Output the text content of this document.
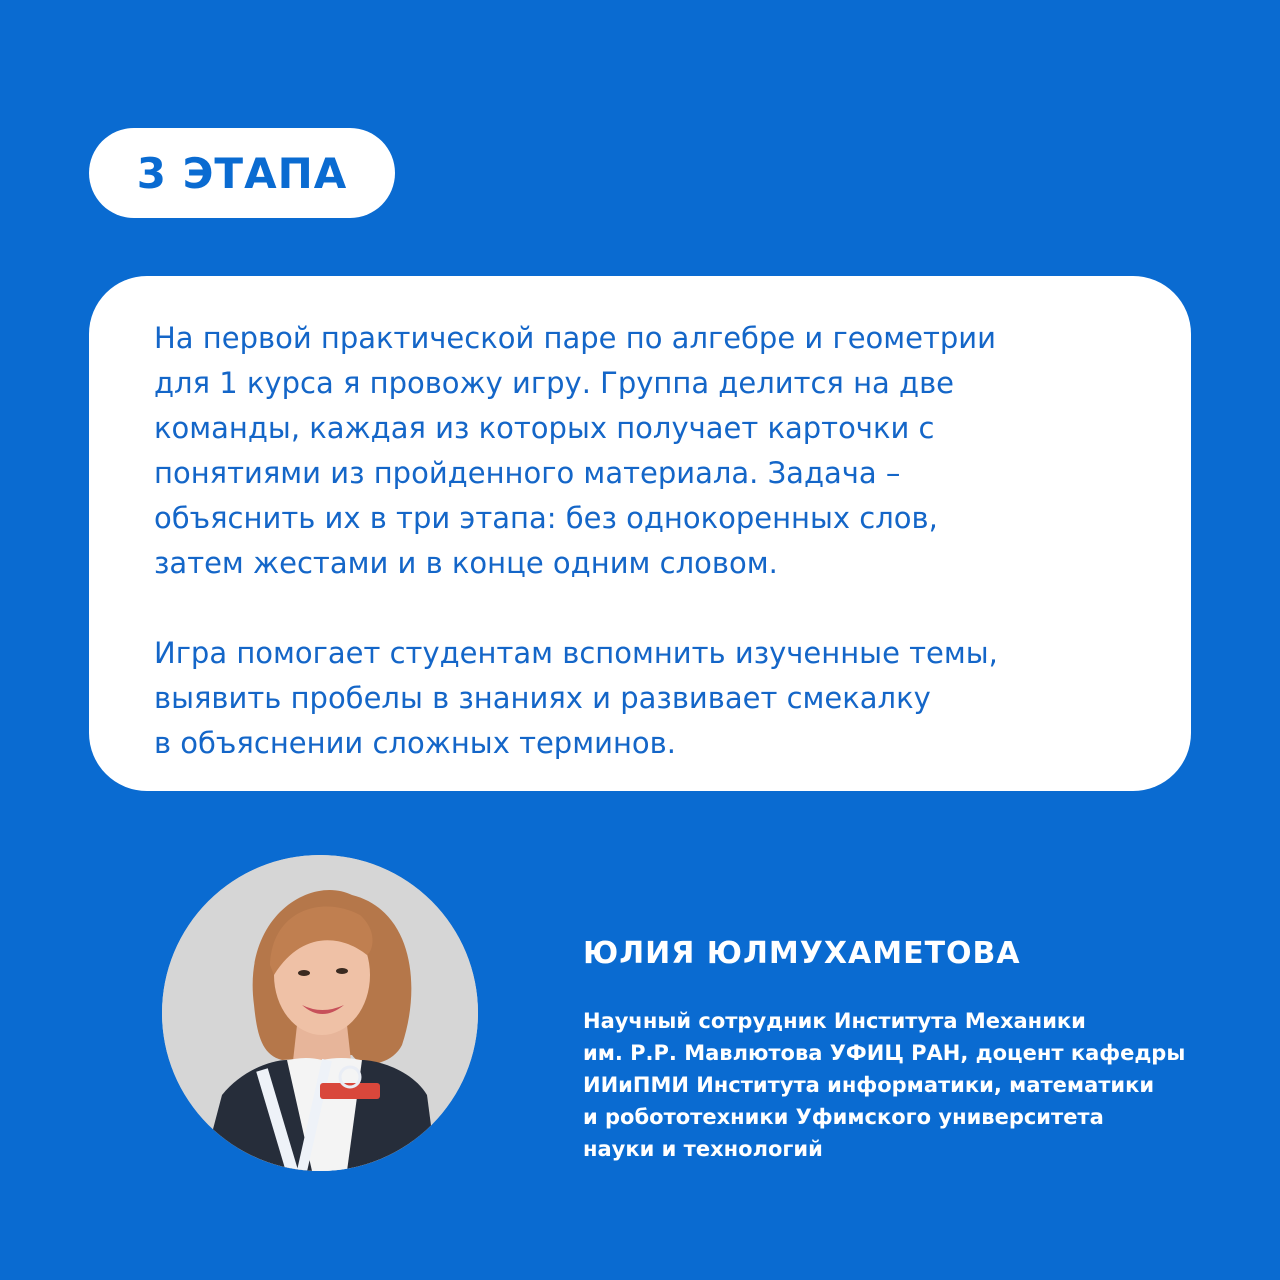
3 ЭТАПА

На первой практической паре по алгебре и геометрии
для 1 курса я провожу игру. Группа делится на две
команды, каждая из которых получает карточки с
понятиями из пройденного материала. Задача –
объяснить их в три этапа: без однокоренных слов,
затем жестами и в конце одним словом.

Игра помогает студентам вспомнить изученные темы,
выявить пробелы в знаниях и развивает смекалку
в объяснении сложных терминов.

ЮЛИЯ ЮЛМУХАМЕТОВА
Научный сотрудник Института Механики
им. Р.Р. Мавлютова УФИЦ РАН, доцент кафедры
ИИиПМИ Института информатики, математики
и робототехники Уфимского университета
науки и технологий
